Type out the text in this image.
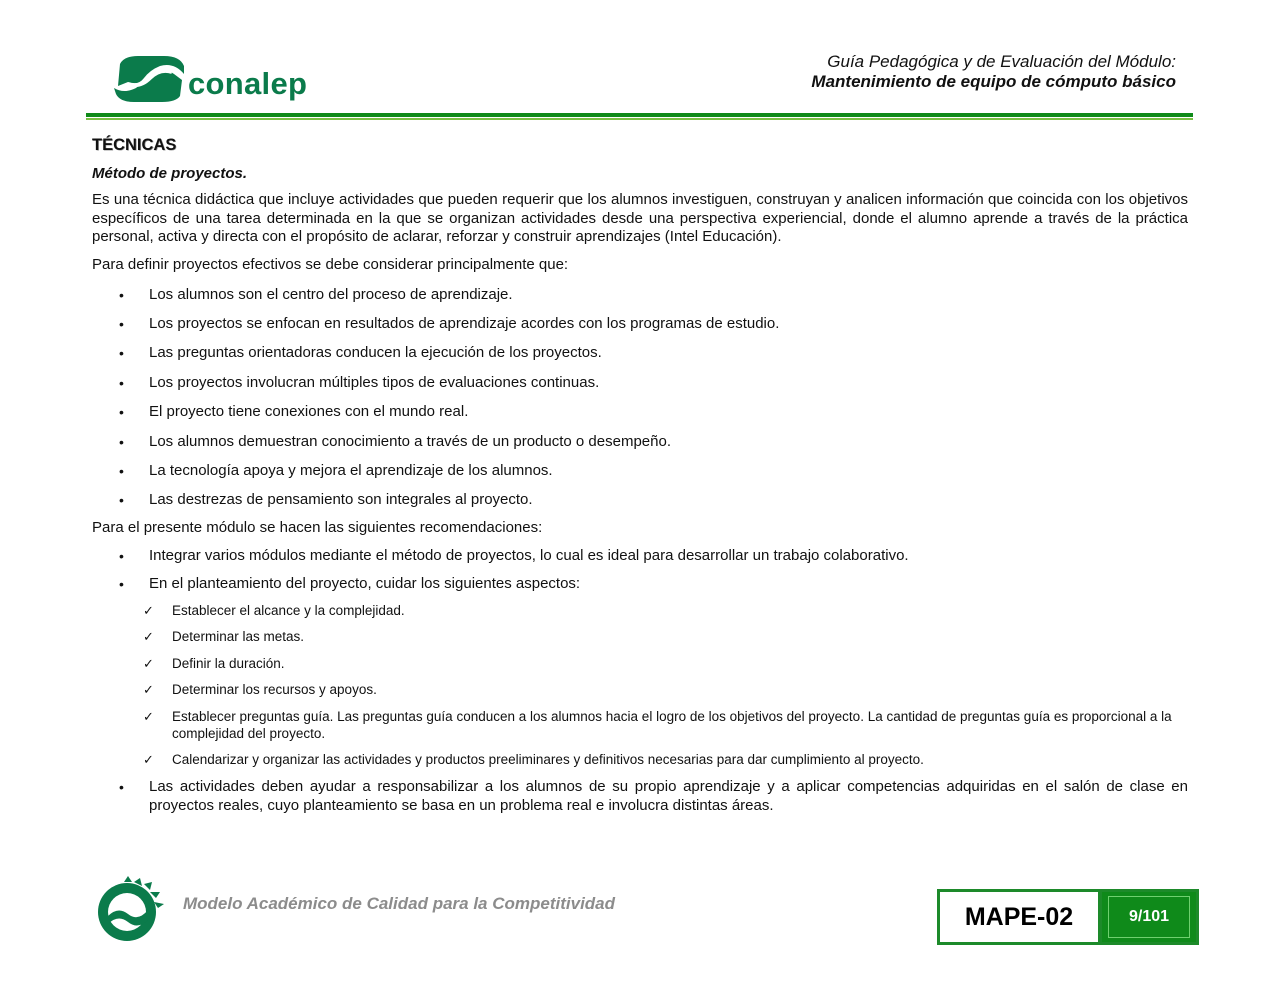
conalep
Guía Pedagógica y de Evaluación del Módulo:
Mantenimiento de equipo de cómputo básico
TÉCNICAS
Método de proyectos.
Es una técnica didáctica que incluye actividades que pueden requerir que los alumnos investiguen, construyan y analicen información que coincida con los objetivos específicos de una tarea determinada en la que se organizan actividades desde una perspectiva experiencial, donde el alumno aprende a través de la práctica personal, activa y directa con el propósito de aclarar, reforzar y construir aprendizajes (Intel Educación).
Para definir proyectos efectivos se debe considerar principalmente que:
• Los alumnos son el centro del proceso de aprendizaje.
• Los proyectos se enfocan en resultados de aprendizaje acordes con los programas de estudio.
• Las preguntas orientadoras conducen la ejecución de los proyectos.
• Los proyectos involucran múltiples tipos de evaluaciones continuas.
• El proyecto tiene conexiones con el mundo real.
• Los alumnos demuestran conocimiento a través de un producto o desempeño.
• La tecnología apoya y mejora el aprendizaje de los alumnos.
• Las destrezas de pensamiento son integrales al proyecto.
Para el presente módulo se hacen las siguientes recomendaciones:
• Integrar varios módulos mediante el método de proyectos, lo cual es ideal para desarrollar un trabajo colaborativo.
• En el planteamiento del proyecto, cuidar los siguientes aspectos:
✓ Establecer el alcance y la complejidad.
✓ Determinar las metas.
✓ Definir la duración.
✓ Determinar los recursos y apoyos.
✓ Establecer preguntas guía. Las preguntas guía conducen a los alumnos hacia el logro de los objetivos del proyecto. La cantidad de preguntas guía es proporcional a la complejidad del proyecto.
✓ Calendarizar y organizar las actividades y productos preeliminares y definitivos necesarias para dar cumplimiento al proyecto.
• Las actividades deben ayudar a responsabilizar a los alumnos de su propio aprendizaje y a aplicar competencias adquiridas en el salón de clase en proyectos reales, cuyo planteamiento se basa en un problema real e involucra distintas áreas.
Modelo Académico de Calidad para la Competitividad	MAPE-02	9/101
